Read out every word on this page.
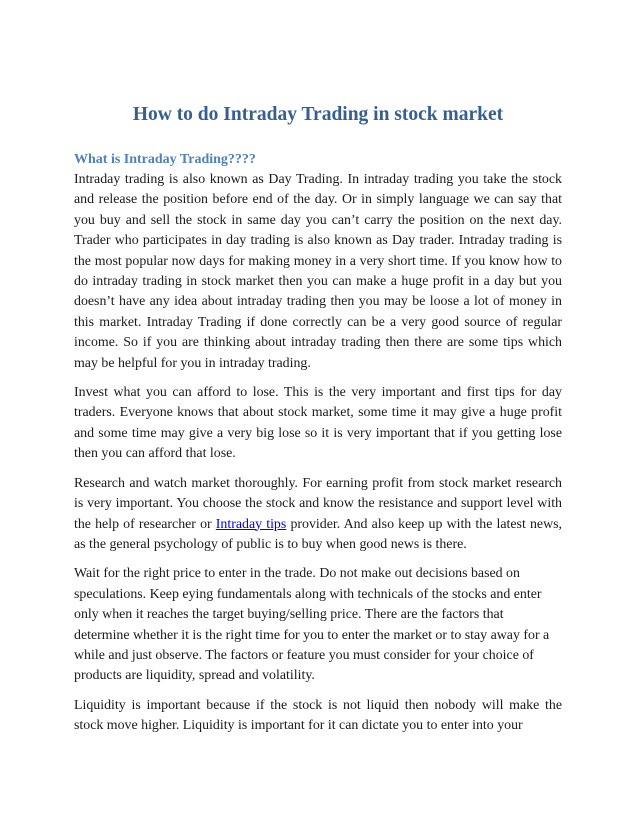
How to do Intraday Trading in stock market
What is Intraday Trading????

Intraday trading is also known as Day Trading. In intraday trading you take the stock and release the position before end of the day. Or in simply language we can say that you buy and sell the stock in same day you can’t carry the position on the next day. Trader who participates in day trading is also known as Day trader. Intraday trading is the most popular now days for making money in a very short time. If you know how to do intraday trading in stock market then you can make a huge profit in a day but you doesn’t have any idea about intraday trading then you may be loose a lot of money in this market. Intraday Trading if done correctly can be a very good source of regular income. So if you are thinking about intraday trading then there are some tips which may be helpful for you in intraday trading.

Invest what you can afford to lose. This is the very important and first tips for day traders. Everyone knows that about stock market, some time it may give a huge profit and some time may give a very big lose so it is very important that if you getting lose then you can afford that lose.

Research and watch market thoroughly. For earning profit from stock market research is very important. You choose the stock and know the resistance and support level with the help of researcher or Intraday tips provider. And also keep up with the latest news, as the general psychology of public is to buy when good news is there.

Wait for the right price to enter in the trade. Do not make out decisions based on speculations. Keep eying fundamentals along with technicals of the stocks and enter only when it reaches the target buying/selling price. There are the factors that determine whether it is the right time for you to enter the market or to stay away for a while and just observe. The factors or feature you must consider for your choice of products are liquidity, spread and volatility.

Liquidity is important because if the stock is not liquid then nobody will make the stock move higher. Liquidity is important for it can dictate you to enter into your
